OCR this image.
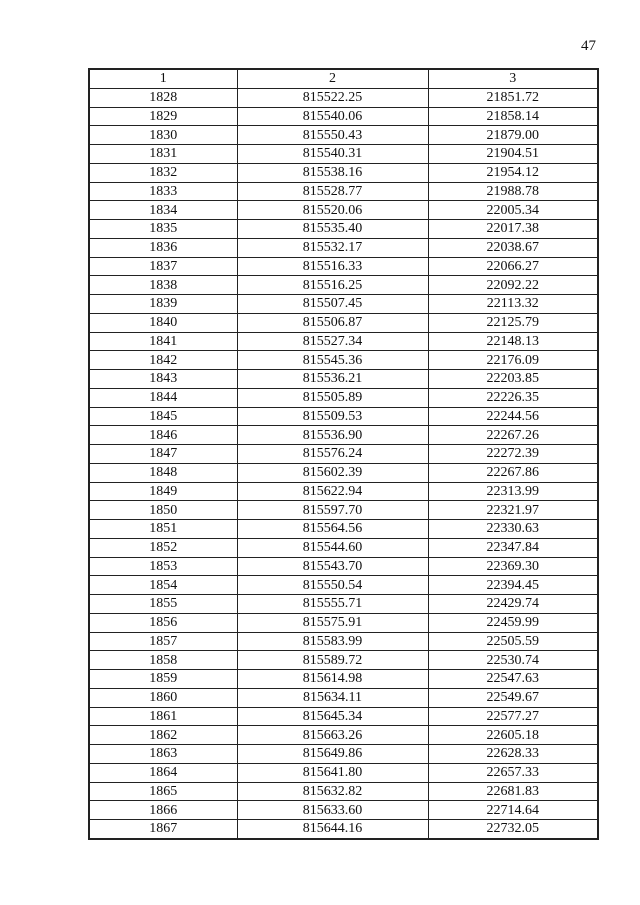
47
1	2	3
1828	815522.25	21851.72
1829	815540.06	21858.14
1830	815550.43	21879.00
1831	815540.31	21904.51
1832	815538.16	21954.12
1833	815528.77	21988.78
1834	815520.06	22005.34
1835	815535.40	22017.38
1836	815532.17	22038.67
1837	815516.33	22066.27
1838	815516.25	22092.22
1839	815507.45	22113.32
1840	815506.87	22125.79
1841	815527.34	22148.13
1842	815545.36	22176.09
1843	815536.21	22203.85
1844	815505.89	22226.35
1845	815509.53	22244.56
1846	815536.90	22267.26
1847	815576.24	22272.39
1848	815602.39	22267.86
1849	815622.94	22313.99
1850	815597.70	22321.97
1851	815564.56	22330.63
1852	815544.60	22347.84
1853	815543.70	22369.30
1854	815550.54	22394.45
1855	815555.71	22429.74
1856	815575.91	22459.99
1857	815583.99	22505.59
1858	815589.72	22530.74
1859	815614.98	22547.63
1860	815634.11	22549.67
1861	815645.34	22577.27
1862	815663.26	22605.18
1863	815649.86	22628.33
1864	815641.80	22657.33
1865	815632.82	22681.83
1866	815633.60	22714.64
1867	815644.16	22732.05
